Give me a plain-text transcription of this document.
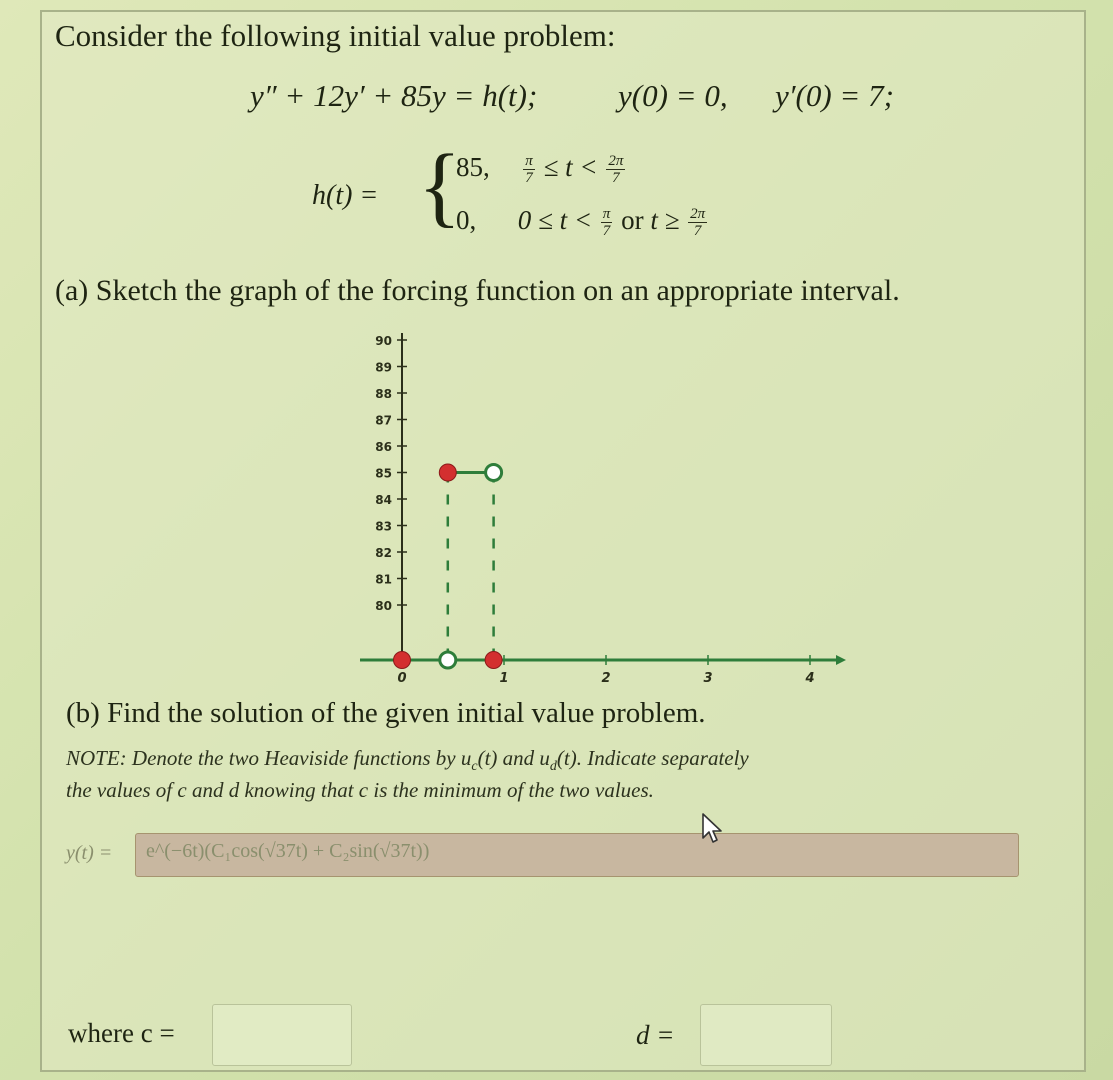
Consider the following initial value problem:
y″ + 12y′ + 85y = h(t);	y(0) = 0, y′(0) = 7;
h(t) = {
85, $\frac{\pi}{7} \le t < \frac{2\pi}{7}$
0, $0 \le t < \frac{\pi}{7}$ or $t \ge \frac{2\pi}{7}$
(a) Sketch the graph of the forcing function on an appropriate interval.
80
81
82
83
84
85
86
87
88
89
90
0	1	2	3	4
(b) Find the solution of the given initial value problem.
NOTE: Denote the two Heaviside functions by $u_c(t)$ and $u_d(t)$. Indicate separately
the values of c and d knowing that c is the minimum of the two values.
y(t) =	e^(−6t)(C₁cos(√37t) + C₂sin(√37t))
where c =	d =
